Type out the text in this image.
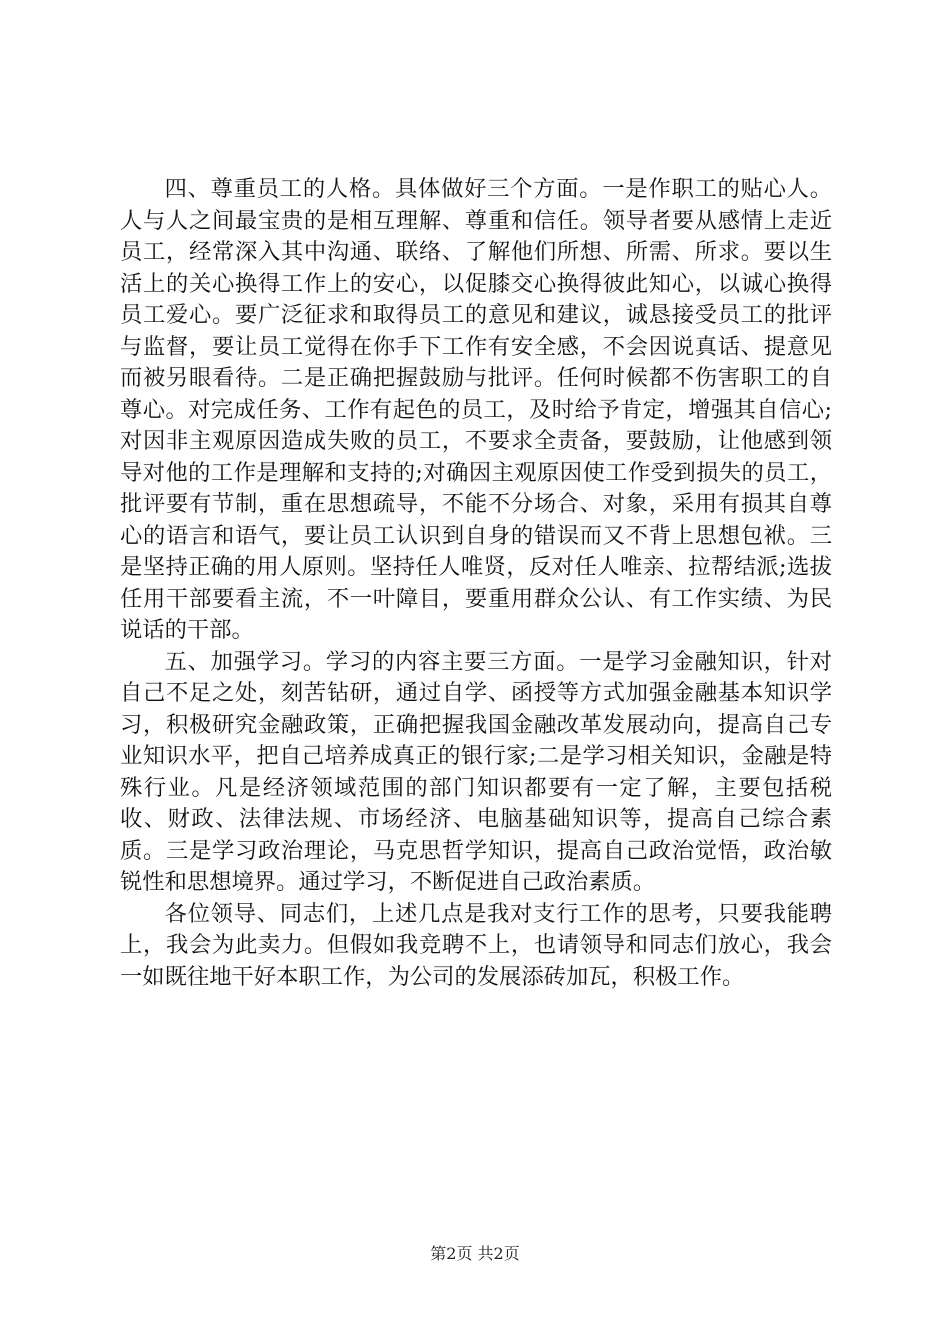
四、尊重员工的人格。具体做好三个方面。一是作职工的贴心人。人与人之间最宝贵的是相互理解、尊重和信任。领导者要从感情上走近员工，经常深入其中沟通、联络、了解他们所想、所需、所求。要以生活上的关心换得工作上的安心，以促膝交心换得彼此知心，以诚心换得员工爱心。要广泛征求和取得员工的意见和建议，诚恳接受员工的批评与监督，要让员工觉得在你手下工作有安全感，不会因说真话、提意见而被另眼看待。二是正确把握鼓励与批评。任何时候都不伤害职工的自尊心。对完成任务、工作有起色的员工，及时给予肯定，增强其自信心;对因非主观原因造成失败的员工，不要求全责备，要鼓励，让他感到领导对他的工作是理解和支持的;对确因主观原因使工作受到损失的员工，批评要有节制，重在思想疏导，不能不分场合、对象，采用有损其自尊心的语言和语气，要让员工认识到自身的错误而又不背上思想包袱。三是坚持正确的用人原则。坚持任人唯贤，反对任人唯亲、拉帮结派;选拔任用干部要看主流，不一叶障目，要重用群众公认、有工作实绩、为民说话的干部。

五、加强学习。学习的内容主要三方面。一是学习金融知识，针对自己不足之处，刻苦钻研，通过自学、函授等方式加强金融基本知识学习，积极研究金融政策，正确把握我国金融改革发展动向，提高自己专业知识水平，把自己培养成真正的银行家;二是学习相关知识，金融是特殊行业。凡是经济领域范围的部门知识都要有一定了解，主要包括税收、财政、法律法规、市场经济、电脑基础知识等，提高自己综合素质。三是学习政治理论，马克思哲学知识，提高自己政治觉悟，政治敏锐性和思想境界。通过学习，不断促进自己政治素质。

各位领导、同志们，上述几点是我对支行工作的思考，只要我能聘上，我会为此卖力。但假如我竞聘不上，也请领导和同志们放心，我会一如既往地干好本职工作，为公司的发展添砖加瓦，积极工作。

第2页 共2页
